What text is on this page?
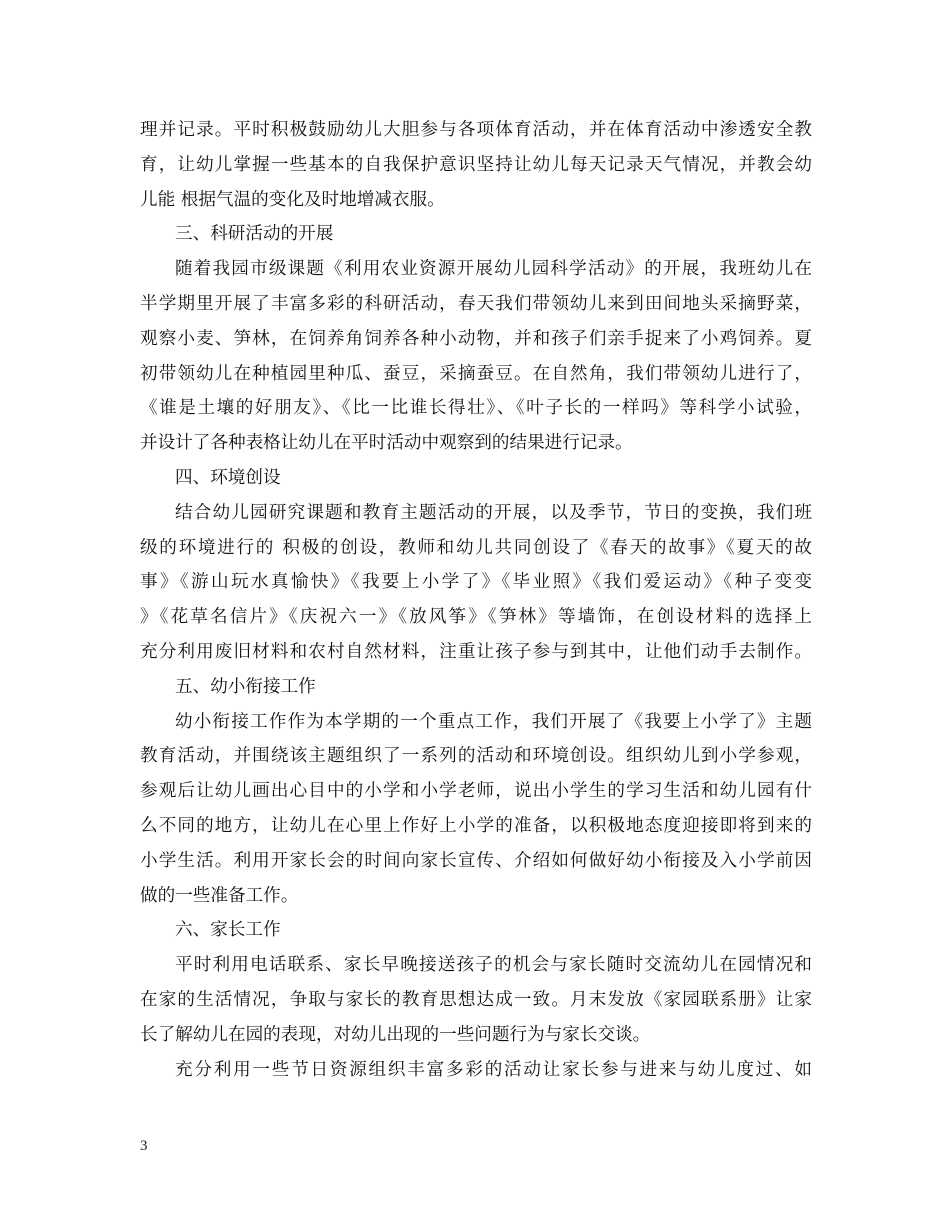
理并记录。平时积极鼓励幼儿大胆参与各项体育活动，并在体育活动中渗透安全教
育，让幼儿掌握一些基本的自我保护意识坚持让幼儿每天记录天气情况，并教会幼
儿能 根据气温的变化及时地增减衣服。
三、科研活动的开展
随着我园市级课题《利用农业资源开展幼儿园科学活动》的开展，我班幼儿在
半学期里开展了丰富多彩的科研活动，春天我们带领幼儿来到田间地头采摘野菜，
观察小麦、笋林，在饲养角饲养各种小动物，并和孩子们亲手捉来了小鸡饲养。夏
初带领幼儿在种植园里种瓜、蚕豆，采摘蚕豆。在自然角，我们带领幼儿进行了，
《谁是土壤的好朋友》、《比一比谁长得壮》、《叶子长的一样吗》等科学小试验，
并设计了各种表格让幼儿在平时活动中观察到的结果进行记录。
四、环境创设
结合幼儿园研究课题和教育主题活动的开展，以及季节，节日的变换，我们班
级的环境进行的 积极的创设，教师和幼儿共同创设了《春天的故事》《夏天的故
事》《游山玩水真愉快》《我要上小学了》《毕业照》《我们爱运动》《种子变变
》《花草名信片》《庆祝六一》《放风筝》《笋林》等墙饰，在创设材料的选择上
充分利用废旧材料和农村自然材料，注重让孩子参与到其中，让他们动手去制作。
五、幼小衔接工作
幼小衔接工作作为本学期的一个重点工作，我们开展了《我要上小学了》主题
教育活动，并围绕该主题组织了一系列的活动和环境创设。组织幼儿到小学参观，
参观后让幼儿画出心目中的小学和小学老师，说出小学生的学习生活和幼儿园有什
么不同的地方，让幼儿在心里上作好上小学的准备，以积极地态度迎接即将到来的
小学生活。利用开家长会的时间向家长宣传、介绍如何做好幼小衔接及入小学前因
做的一些准备工作。
六、家长工作
平时利用电话联系、家长早晚接送孩子的机会与家长随时交流幼儿在园情况和
在家的生活情况，争取与家长的教育思想达成一致。月末发放《家园联系册》让家
长了解幼儿在园的表现，对幼儿出现的一些问题行为与家长交谈。
充分利用一些节日资源组织丰富多彩的活动让家长参与进来与幼儿度过、如
3
